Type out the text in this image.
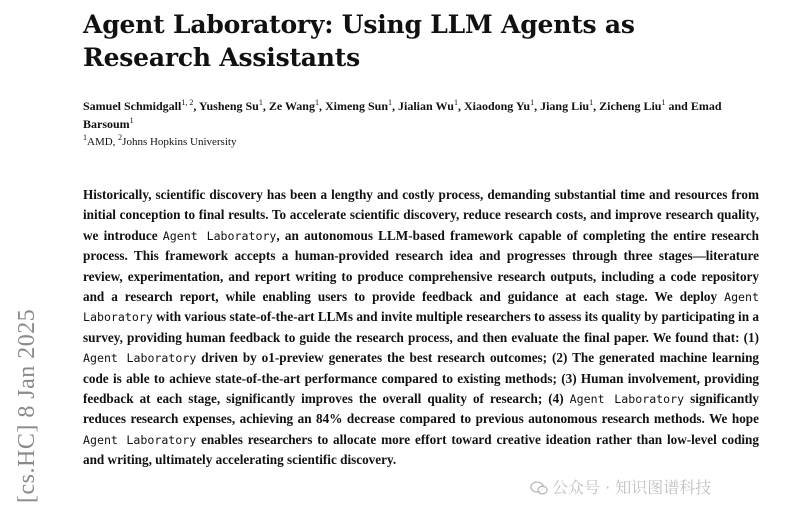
[cs.HC] 8 Jan 2025
Agent Laboratory: Using LLM Agents as
Research Assistants
Samuel Schmidgall$^{1, 2}$, Yusheng Su$^1$, Ze Wang$^1$, Ximeng Sun$^1$, Jialian Wu$^1$, Xiaodong Yu$^1$, Jiang Liu$^1$, Zicheng Liu$^1$ and Emad Barsoum$^1$
$^1$AMD, $^2$Johns Hopkins University
Historically, scientific discovery has been a lengthy and costly process, demanding substantial time and resources from initial conception to final results. To accelerate scientific discovery, reduce research costs, and improve research quality, we introduce Agent Laboratory, an autonomous LLM-based framework capable of completing the entire research process. This framework accepts a human-provided research idea and progresses through three stages—literature review, experimentation, and report writing to produce comprehensive research outputs, including a code repository and a research report, while enabling users to provide feedback and guidance at each stage. We deploy Agent Laboratory with various state-of-the-art LLMs and invite multiple researchers to assess its quality by participating in a survey, providing human feedback to guide the research process, and then evaluate the final paper. We found that: (1) Agent Laboratory driven by o1-preview generates the best research outcomes; (2) The generated machine learning code is able to achieve state-of-the-art performance compared to existing methods; (3) Human involvement, providing feedback at each stage, significantly improves the overall quality of research; (4) Agent Laboratory significantly reduces research expenses, achieving an 84% decrease compared to previous autonomous research methods. We hope Agent Laboratory enables researchers to allocate more effort toward creative ideation rather than low-level coding and writing, ultimately accelerating scientific discovery.
公众号 · 知识图谱科技
